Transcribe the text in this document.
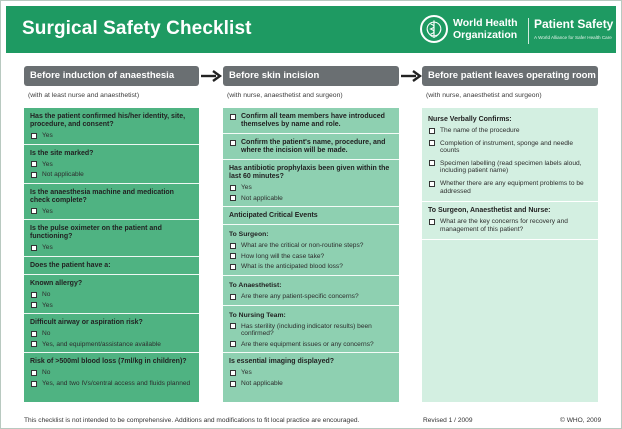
Surgical Safety Checklist	World Health
Organization
Patient Safety
A World Alliance for Safer Health Care
Before induction of anaesthesia	Before skin incision	Before patient leaves operating room
(with at least nurse and anaesthetist)	(with nurse, anaesthetist and surgeon)	(with nurse, anaesthetist and surgeon)
Has the patient confirmed his/her identity, site, procedure, and consent?
Yes
Is the site marked?
Yes
Not applicable
Is the anaesthesia machine and medication check complete?
Yes
Is the pulse oximeter on the patient and functioning?
Yes
Does the patient have a:
Known allergy?
No
Yes
Difficult airway or aspiration risk?
No
Yes, and equipment/assistance available
Risk of >500ml blood loss (7ml/kg in children)?
No
Yes, and two IVs/central access and fluids planned
Confirm all team members have introduced themselves by name and role.
Confirm the patient's name, procedure, and where the incision will be made.
Has antibiotic prophylaxis been given within the last 60 minutes?
Yes
Not applicable
Anticipated Critical Events
To Surgeon:
What are the critical or non-routine steps?
How long will the case take?
What is the anticipated blood loss?
To Anaesthetist:
Are there any patient-specific concerns?
To Nursing Team:
Has sterility (including indicator results) been confirmed?
Are there equipment issues or any concerns?
Is essential imaging displayed?
Yes
Not applicable
Nurse Verbally Confirms:
The name of the procedure
Completion of instrument, sponge and needle counts
Specimen labelling (read specimen labels aloud, including patient name)
Whether there are any equipment problems to be addressed
To Surgeon, Anaesthetist and Nurse:
What are the key concerns for recovery and management of this patient?
This checklist is not intended to be comprehensive. Additions and modifications to fit local practice are encouraged.	Revised 1 / 2009	© WHO, 2009
